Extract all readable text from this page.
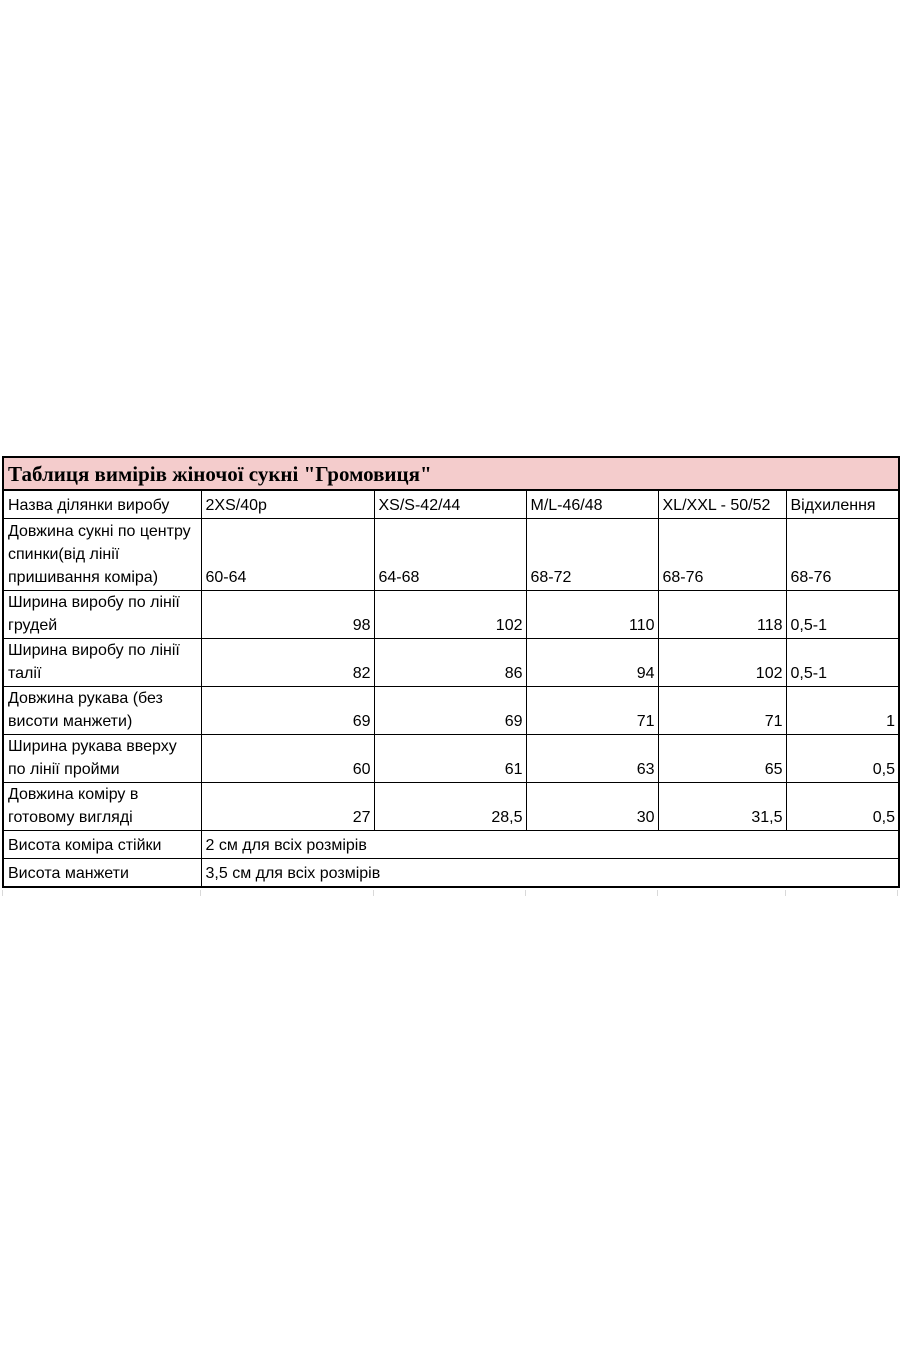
Таблиця вимірів жіночої сукні "Громовиця"					
Назва ділянки виробу	2XS/40р	XS/S-42/44	M/L-46/48	XL/XXL - 50/52	Відхилення
Довжина сукні по центру спинки(від лінії пришивання коміра)	60-64	64-68	68-72	68-76	68-76
Ширина виробу по лінії грудей	98	102	110	118	0,5-1
Ширина виробу по лінії талії	82	86	94	102	0,5-1
Довжина рукава (без висоти манжети)	69	69	71	71	1
Ширина рукава вверху по лінії пройми	60	61	63	65	0,5
Довжина коміру в готовому вигляді	27	28,5	30	31,5	0,5
Висота коміра стійки	2 см для всіх розмірів				
Висота манжети	3,5 см для всіх розмірів				
